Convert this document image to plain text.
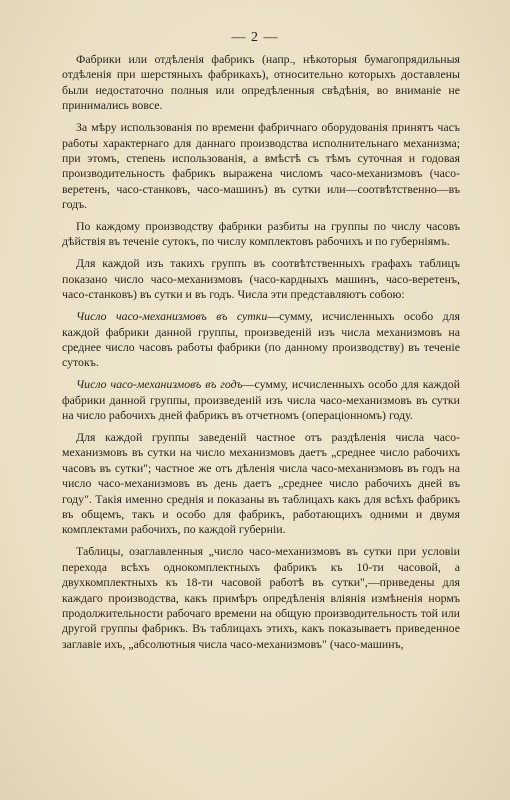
— 2 —

Фабрики или отдѣленія фабрикъ (напр., нѣкоторыя бумагопрядильныя отдѣленія при шерстяныхъ фабрикахъ), относительно которыхъ доставлены были недостаточно полныя или опредѣленныя свѣдѣнія, во вниманіе не принимались вовсе.

За мѣру использованія по времени фабричнаго оборудованія принятъ часъ работы характернаго для даннаго производства исполнительнаго механизма; при этомъ, степень использованія, а вмѣстѣ съ тѣмъ суточная и годовая производительность фабрикъ выражена числомъ часо-механизмовъ (часо-веретенъ, часо-станковъ, часо-машинъ) въ сутки или—соотвѣтственно—въ годъ.

По каждому производству фабрики разбиты на группы по числу часовъ дѣйствія въ теченіе сутокъ, по числу комплектовъ рабочихъ и по губерніямъ.

Для каждой изъ такихъ группъ въ соотвѣтственныхъ графахъ таблицъ показано число часо-механизмовъ (часо-кардныхъ машинъ, часо-веретенъ, часо-станковъ) въ сутки и въ годъ. Числа эти представляютъ собою:

Число часо-механизмовъ въ сутки—сумму, исчисленныхъ особо для каждой фабрики данной группы, произведеній изъ числа механизмовъ на среднее число часовъ работы фабрики (по данному производству) въ теченіе сутокъ.

Число часо-механизмовъ въ годъ—сумму, исчисленныхъ особо для каждой фабрики данной группы, произведеній изъ числа часо-механизмовъ въ сутки на число рабочихъ дней фабрикъ въ отчетномъ (операціонномъ) году.

Для каждой группы заведеній частное отъ раздѣленія числа часо-механизмовъ въ сутки на число механизмовъ даетъ „среднее число рабочихъ часовъ въ сутки"; частное же отъ дѣленія числа часо-механизмовъ въ годъ на число часо-механизмовъ въ день даетъ „среднее число рабочихъ дней въ году". Такія именно среднія и показаны въ таблицахъ какъ для всѣхъ фабрикъ въ общемъ, такъ и особо для фабрикъ, работающихъ одними и двумя комплектами рабочихъ, по каждой губерніи.

Таблицы, озаглавленныя „число часо-механизмовъ въ сутки при условіи перехода всѣхъ однокомплектныхъ фабрикъ къ 10-ти часовой, а двухкомплектныхъ къ 18-ти часовой работѣ въ сутки",—приведены для каждаго производства, какъ примѣръ опредѣленія вліянія измѣненія нормъ продолжительности рабочаго времени на общую производительность той или другой группы фабрикъ. Въ таблицахъ этихъ, какъ показываетъ приведенное заглавіе ихъ, „абсолютныя числа часо-механизмовъ" (часо-машинъ,
